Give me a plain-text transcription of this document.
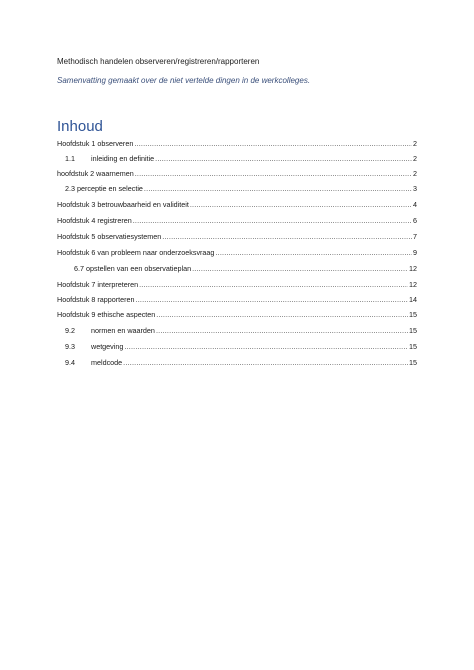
Methodisch handelen observeren/registreren/rapporteren
Samenvatting gemaakt over de niet vertelde dingen in de werkcolleges.
Inhoud
Hoofdstuk 1 observeren .....	2
1.1	inleiding en definitie .....	2
hoofdstuk 2 waarnemen .....	2
2.3 perceptie en selectie .....	3
Hoofdstuk 3 betrouwbaarheid en validiteit .....	4
Hoofdstuk 4 registreren .....	6
Hoofdstuk 5 observatiesystemen .....	7
Hoofdstuk 6 van probleem naar onderzoeksvraag .....	9
6.7 opstellen van een observatieplan .....	12
Hoofdstuk 7 interpreteren .....	12
Hoofdstuk 8 rapporteren .....	14
Hoofdstuk 9 ethische aspecten .....	15
9.2	normen en waarden .....	15
9.3	wetgeving .....	15
9.4	meldcode .....	15
